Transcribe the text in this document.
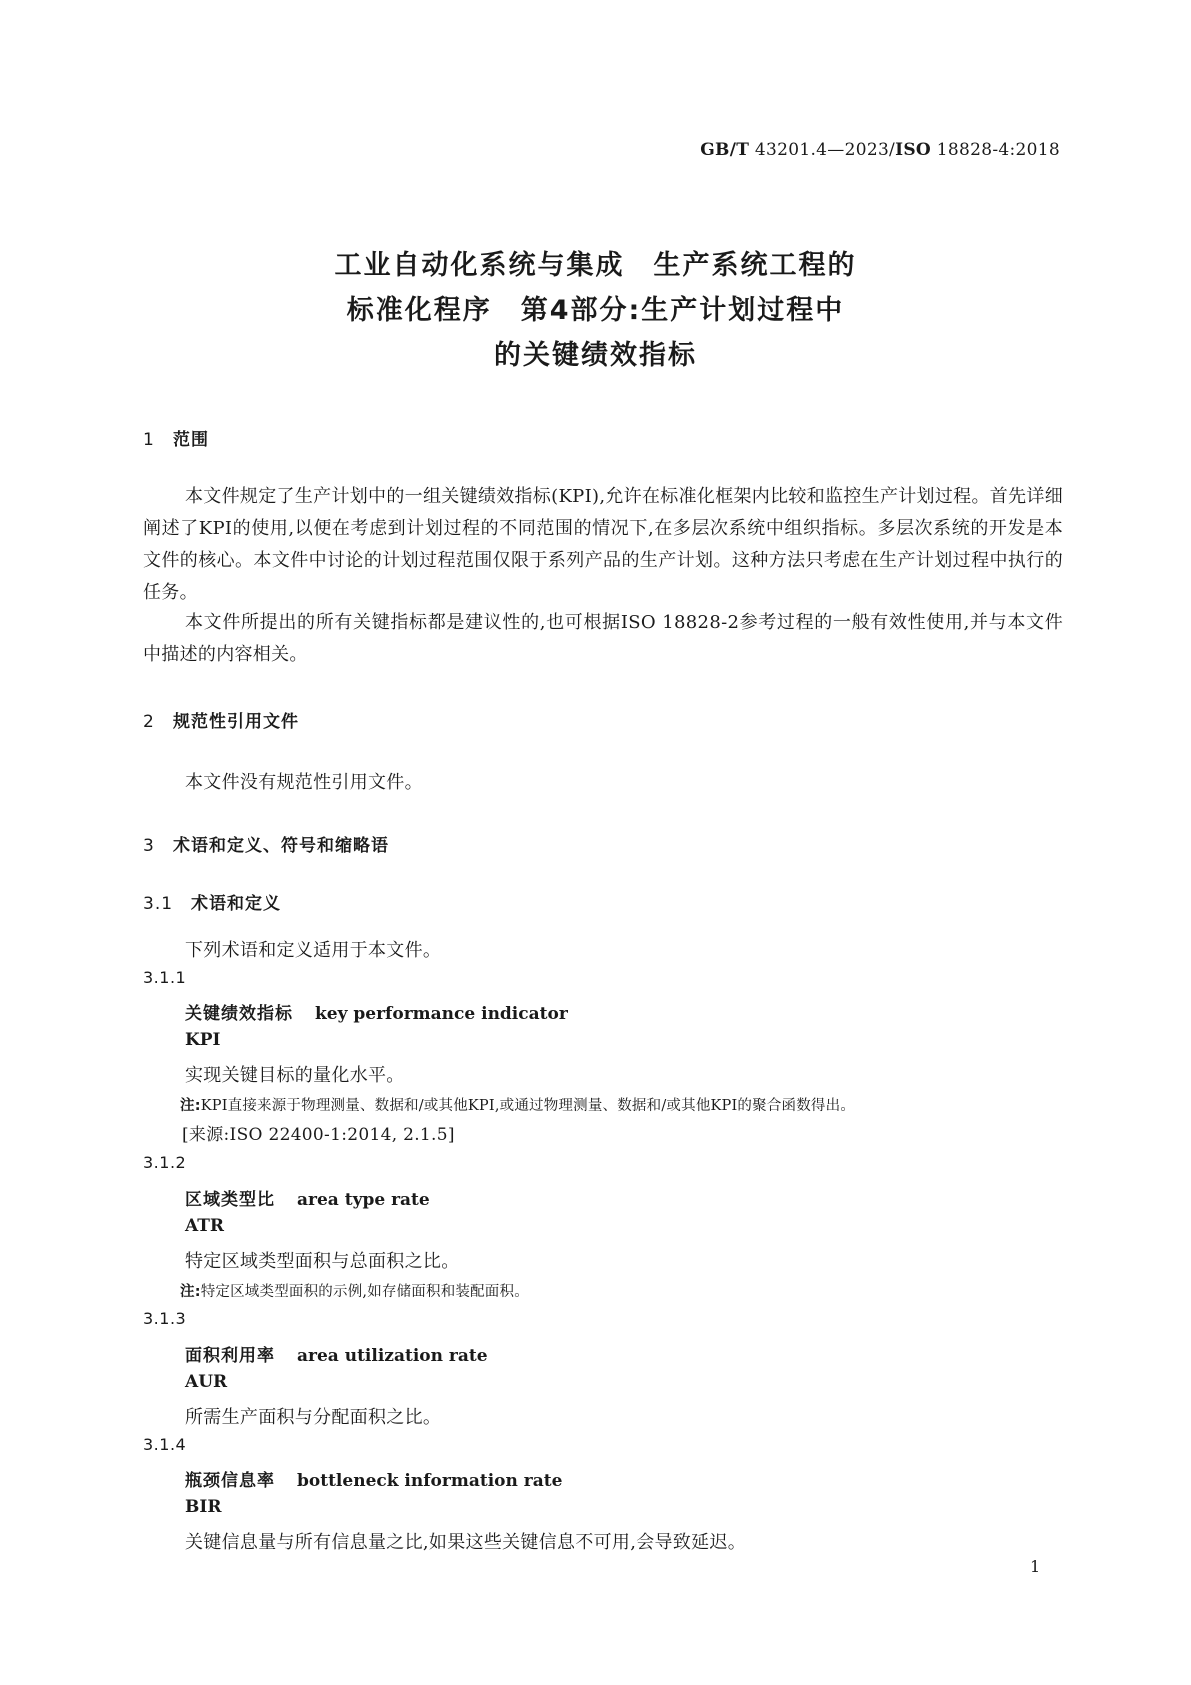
GB/T 43201.4—2023/ISO 18828-4:2018
工业自动化系统与集成　生产系统工程的
标准化程序　第4部分:生产计划过程中
的关键绩效指标
1 范围
本文件规定了生产计划中的一组关键绩效指标(KPI),允许在标准化框架内比较和监控生产计划过程。首先详细阐述了KPI的使用,以便在考虑到计划过程的不同范围的情况下,在多层次系统中组织指标。多层次系统的开发是本文件的核心。本文件中讨论的计划过程范围仅限于系列产品的生产计划。这种方法只考虑在生产计划过程中执行的任务。
本文件所提出的所有关键指标都是建议性的,也可根据ISO 18828-2参考过程的一般有效性使用,并与本文件中描述的内容相关。
2 规范性引用文件
本文件没有规范性引用文件。
3 术语和定义、符号和缩略语
3.1 术语和定义
下列术语和定义适用于本文件。
3.1.1
关键绩效指标 key performance indicator
KPI
实现关键目标的量化水平。
注:KPI直接来源于物理测量、数据和/或其他KPI,或通过物理测量、数据和/或其他KPI的聚合函数得出。
[来源:ISO 22400-1:2014, 2.1.5]
3.1.2
区域类型比 area type rate
ATR
特定区域类型面积与总面积之比。
注:特定区域类型面积的示例,如存储面积和装配面积。
3.1.3
面积利用率 area utilization rate
AUR
所需生产面积与分配面积之比。
3.1.4
瓶颈信息率 bottleneck information rate
BIR
关键信息量与所有信息量之比,如果这些关键信息不可用,会导致延迟。
1
